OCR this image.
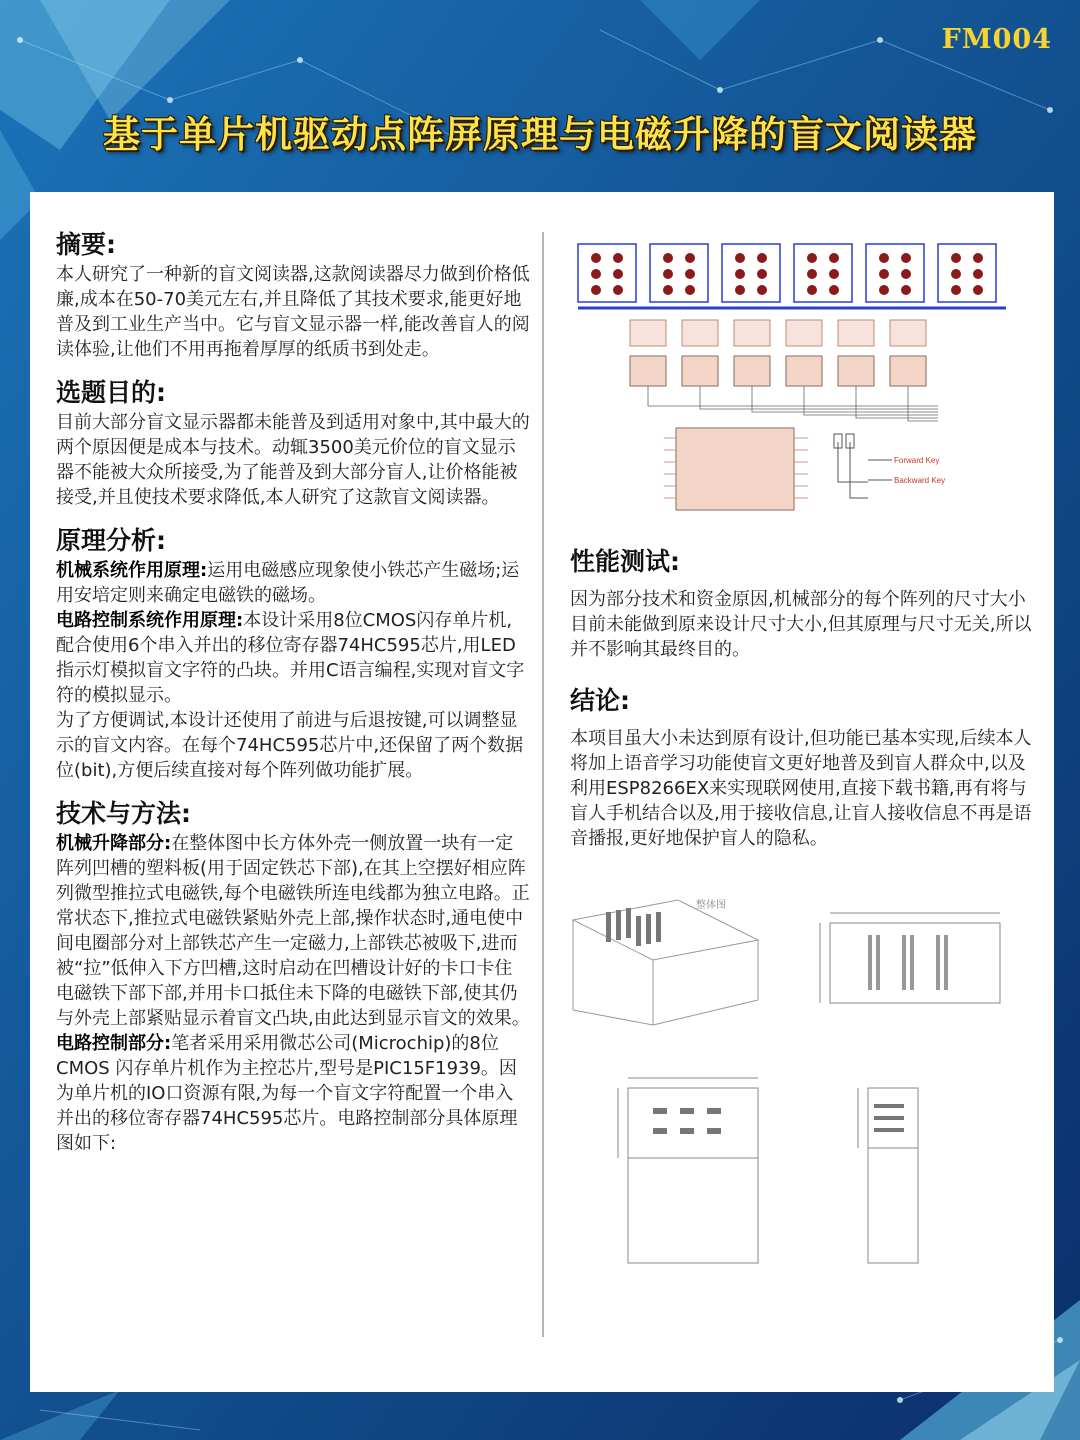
FM004
基于单片机驱动点阵屏原理与电磁升降的盲文阅读器
摘要:

本人研究了一种新的盲文阅读器,这款阅读器尽力做到价格低廉,成本在50-70美元左右,并且降低了其技术要求,能更好地普及到工业生产当中。它与盲文显示器一样,能改善盲人的阅读体验,让他们不用再拖着厚厚的纸质书到处走。

选题目的:

目前大部分盲文显示器都未能普及到适用对象中,其中最大的两个原因便是成本与技术。动辄3500美元价位的盲文显示器不能被大众所接受,为了能普及到大部分盲人,让价格能被接受,并且使技术要求降低,本人研究了这款盲文阅读器。

原理分析:

机械系统作用原理:运用电磁感应现象使小铁芯产生磁场;运用安培定则来确定电磁铁的磁场。

电路控制系统作用原理:本设计采用8位CMOS闪存单片机,配合使用6个串入并出的移位寄存器74HC595芯片,用LED指示灯模拟盲文字符的凸块。并用C语言编程,实现对盲文字符的模拟显示。

为了方便调试,本设计还使用了前进与后退按键,可以调整显示的盲文内容。在每个74HC595芯片中,还保留了两个数据位(bit),方便后续直接对每个阵列做功能扩展。

技术与方法:

机械升降部分:在整体图中长方体外壳一侧放置一块有一定阵列凹槽的塑料板(用于固定铁芯下部),在其上空摆好相应阵列微型推拉式电磁铁,每个电磁铁所连电线都为独立电路。正常状态下,推拉式电磁铁紧贴外壳上部,操作状态时,通电使中间电圈部分对上部铁芯产生一定磁力,上部铁芯被吸下,进而被“拉”低伸入下方凹槽,这时启动在凹槽设计好的卡口卡住电磁铁下部下部,并用卡口抵住未下降的电磁铁下部,使其仍与外壳上部紧贴显示着盲文凸块,由此达到显示盲文的效果。

电路控制部分:笔者采用采用微芯公司(Microchip)的8位CMOS 闪存单片机作为主控芯片,型号是PIC15F1939。因为单片机的IO口资源有限,为每一个盲文字符配置一个串入并出的移位寄存器74HC595芯片。电路控制部分具体原理图如下:

Forward Key
Backward Key
性能测试:

因为部分技术和资金原因,机械部分的每个阵列的尺寸大小目前未能做到原来设计尺寸大小,但其原理与尺寸无关,所以并不影响其最终目的。

结论:

本项目虽大小未达到原有设计,但功能已基本实现,后续本人将加上语音学习功能使盲文更好地普及到盲人群众中,以及利用ESP8266EX来实现联网使用,直接下载书籍,再有将与盲人手机结合以及,用于接收信息,让盲人接收信息不再是语音播报,更好地保护盲人的隐私。

整体图
